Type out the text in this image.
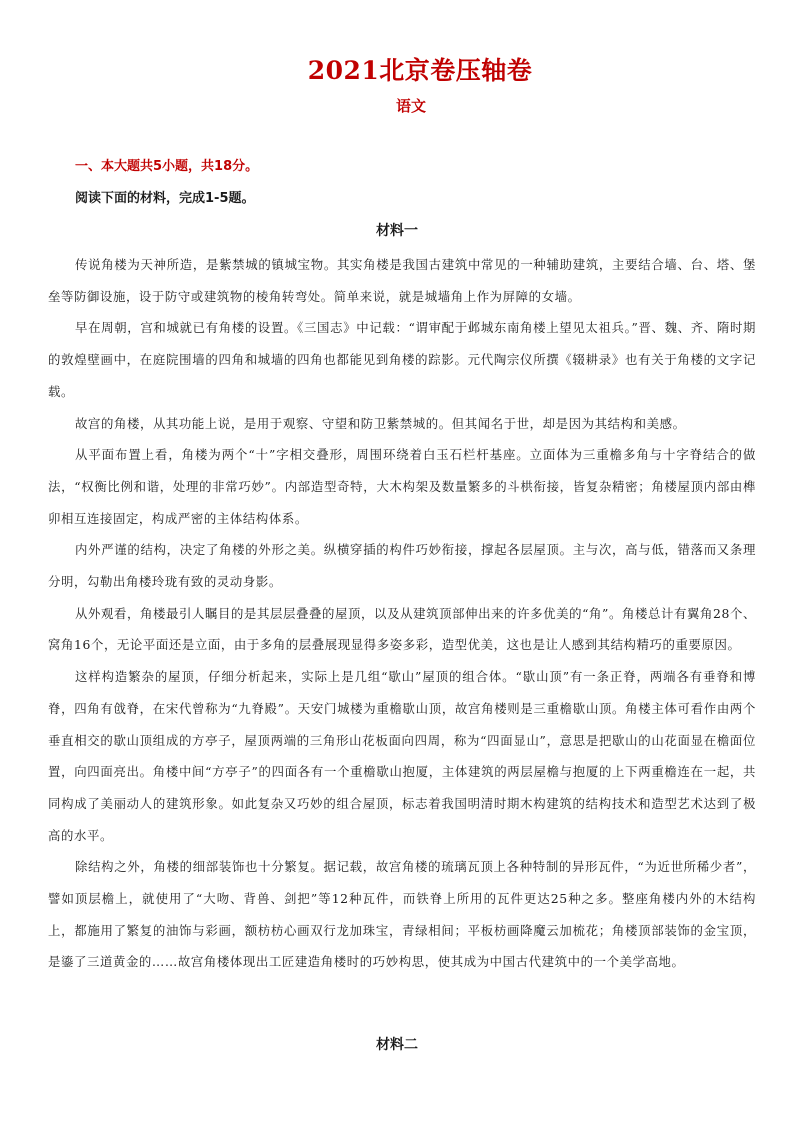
2021北京卷压轴卷
语文
一、本大题共5小题，共18分。
阅读下面的材料，完成1-5题。
材料一

传说角楼为天神所造，是紫禁城的镇城宝物。其实角楼是我国古建筑中常见的一种辅助建筑，主要结合墙、台、塔、堡垒等防御设施，设于防守或建筑物的棱角转弯处。简单来说，就是城墙角上作为屏障的女墙。

早在周朝，宫和城就已有角楼的设置。《三国志》中记载：“谓审配于邺城东南角楼上望见太祖兵。”晋、魏、齐、隋时期的敦煌壁画中，在庭院围墙的四角和城墙的四角也都能见到角楼的踪影。元代陶宗仪所撰《辍耕录》也有关于角楼的文字记载。

故宫的角楼，从其功能上说，是用于观察、守望和防卫紫禁城的。但其闻名于世，却是因为其结构和美感。

从平面布置上看，角楼为两个“十”字相交叠形，周围环绕着白玉石栏杆基座。立面体为三重檐多角与十字脊结合的做法，“权衡比例和谐，处理的非常巧妙”。内部造型奇特，大木构架及数量繁多的斗栱衔接，皆复杂精密；角楼屋顶内部由榫卯相互连接固定，构成严密的主体结构体系。

内外严谨的结构，决定了角楼的外形之美。纵横穿插的构件巧妙衔接，撑起各层屋顶。主与次，高与低，错落而又条理分明，勾勒出角楼玲珑有致的灵动身影。

从外观看，角楼最引人瞩目的是其层层叠叠的屋顶，以及从建筑顶部伸出来的许多优美的“角”。角楼总计有翼角28个、窝角16个，无论平面还是立面，由于多角的层叠展现显得多姿多彩，造型优美，这也是让人感到其结构精巧的重要原因。

这样构造繁杂的屋顶，仔细分析起来，实际上是几组“歇山”屋顶的组合体。“歇山顶”有一条正脊，两端各有垂脊和博脊，四角有戗脊，在宋代曾称为“九脊殿”。天安门城楼为重檐歇山顶，故宫角楼则是三重檐歇山顶。角楼主体可看作由两个垂直相交的歇山顶组成的方亭子，屋顶两端的三角形山花板面向四周，称为“四面显山”，意思是把歇山的山花面显在檐面位置，向四面亮出。角楼中间“方亭子”的四面各有一个重檐歇山抱厦，主体建筑的两层屋檐与抱厦的上下两重檐连在一起，共同构成了美丽动人的建筑形象。如此复杂又巧妙的组合屋顶，标志着我国明清时期木构建筑的结构技术和造型艺术达到了极高的水平。

除结构之外，角楼的细部装饰也十分繁复。据记载，故宫角楼的琉璃瓦顶上各种特制的异形瓦件，“为近世所稀少者”，譬如顶层檐上，就使用了“大吻、背兽、剑把”等12种瓦件，而铁脊上所用的瓦件更达25种之多。整座角楼内外的木结构上，都施用了繁复的油饰与彩画，额枋枋心画双行龙加珠宝，青绿相间；平板枋画降魔云加梳花；角楼顶部装饰的金宝顶，是鎏了三道黄金的……故宫角楼体现出工匠建造角楼时的巧妙构思，使其成为中国古代建筑中的一个美学高地。

材料二
